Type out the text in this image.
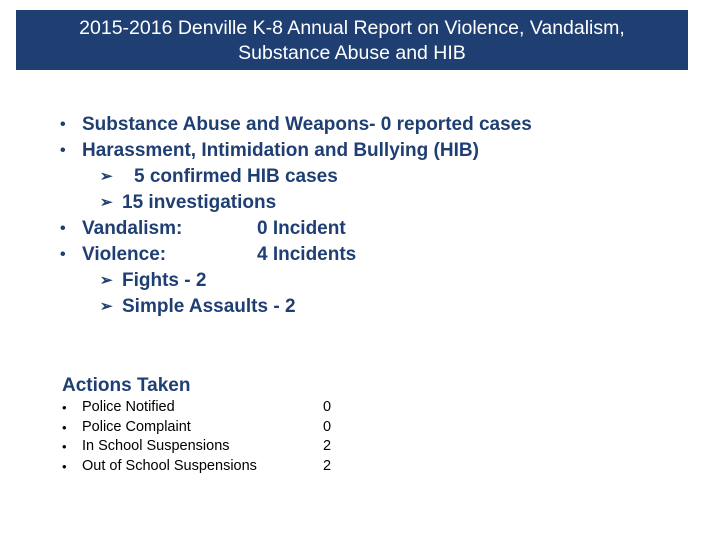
2015-2016 Denville K-8 Annual Report on Violence, Vandalism,
Substance Abuse and HIB
• Substance Abuse and Weapons- 0 reported cases
• Harassment, Intimidation and Bullying (HIB)
➢ 5 confirmed HIB cases
➢ 15 investigations
• Vandalism:	0 Incident
• Violence:	4 Incidents
➢ Fights - 2
➢ Simple Assaults - 2
Actions Taken
• Police Notified	0
• Police Complaint	0
• In School Suspensions	2
• Out of School Suspensions	2
